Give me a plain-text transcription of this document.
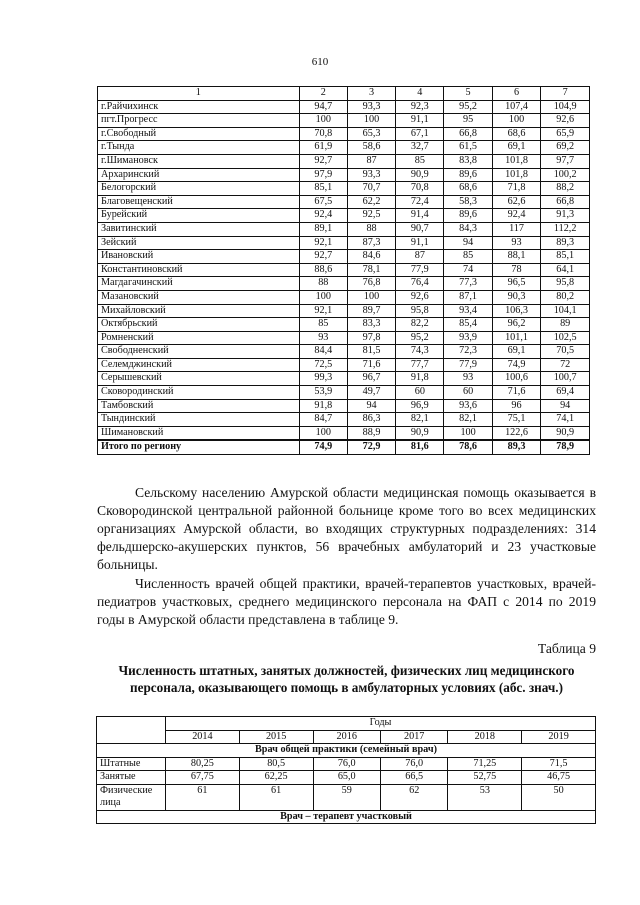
610
1	2	3	4	5	6	7
г.Райчихинск	94,7	93,3	92,3	95,2	107,4	104,9
пгт.Прогресс	100	100	91,1	95	100	92,6
г.Свободный	70,8	65,3	67,1	66,8	68,6	65,9
г.Тында	61,9	58,6	32,7	61,5	69,1	69,2
г.Шимановск	92,7	87	85	83,8	101,8	97,7
Архаринский	97,9	93,3	90,9	89,6	101,8	100,2
Белогорский	85,1	70,7	70,8	68,6	71,8	88,2
Благовещенский	67,5	62,2	72,4	58,3	62,6	66,8
Бурейский	92,4	92,5	91,4	89,6	92,4	91,3
Завитинский	89,1	88	90,7	84,3	117	112,2
Зейский	92,1	87,3	91,1	94	93	89,3
Ивановский	92,7	84,6	87	85	88,1	85,1
Константиновский	88,6	78,1	77,9	74	78	64,1
Магдагачинский	88	76,8	76,4	77,3	96,5	95,8
Мазановский	100	100	92,6	87,1	90,3	80,2
Михайловский	92,1	89,7	95,8	93,4	106,3	104,1
Октябрьский	85	83,3	82,2	85,4	96,2	89
Ромненский	93	97,8	95,2	93,9	101,1	102,5
Свободненский	84,4	81,5	74,3	72,3	69,1	70,5
Селемджинский	72,5	71,6	77,7	77,9	74,9	72
Серышевский	99,3	96,7	91,8	93	100,6	100,7
Сковородинский	53,9	49,7	60	60	71,6	69,4
Тамбовский	91,8	94	96,9	93,6	96	94
Тындинский	84,7	86,3	82,1	82,1	75,1	74,1
Шимановский	100	88,9	90,9	100	122,6	90,9
Итого по региону	74,9	72,9	81,6	78,6	89,3	78,9

Сельскому населению Амурской области медицинская помощь оказывается в Сковородинской центральной районной больнице кроме того во всех медицинских организациях Амурской области, во входящих структурных подразделениях: 314 фельдшерско-акушерских пунктов, 56 врачебных амбулаторий и 23 участковые больницы.

Численность врачей общей практики, врачей-терапевтов участковых, врачей-педиатров участковых, среднего медицинского персонала на ФАП с 2014 по 2019 годы в Амурской области представлена в таблице 9.

Таблица 9
Численность штатных, занятых должностей, физических лиц медицинского персонала, оказывающего помощь в амбулаторных условиях (абс. знач.)
	Годы					
	2014	2015	2016	2017	2018	2019
Врач общей практики (семейный врач)						
Штатные	80,25	80,5	76,0	76,0	71,25	71,5
Занятые	67,75	62,25	65,0	66,5	52,75	46,75
Физические лица	61	61	59	62	53	50
Врач – терапевт участковый						
